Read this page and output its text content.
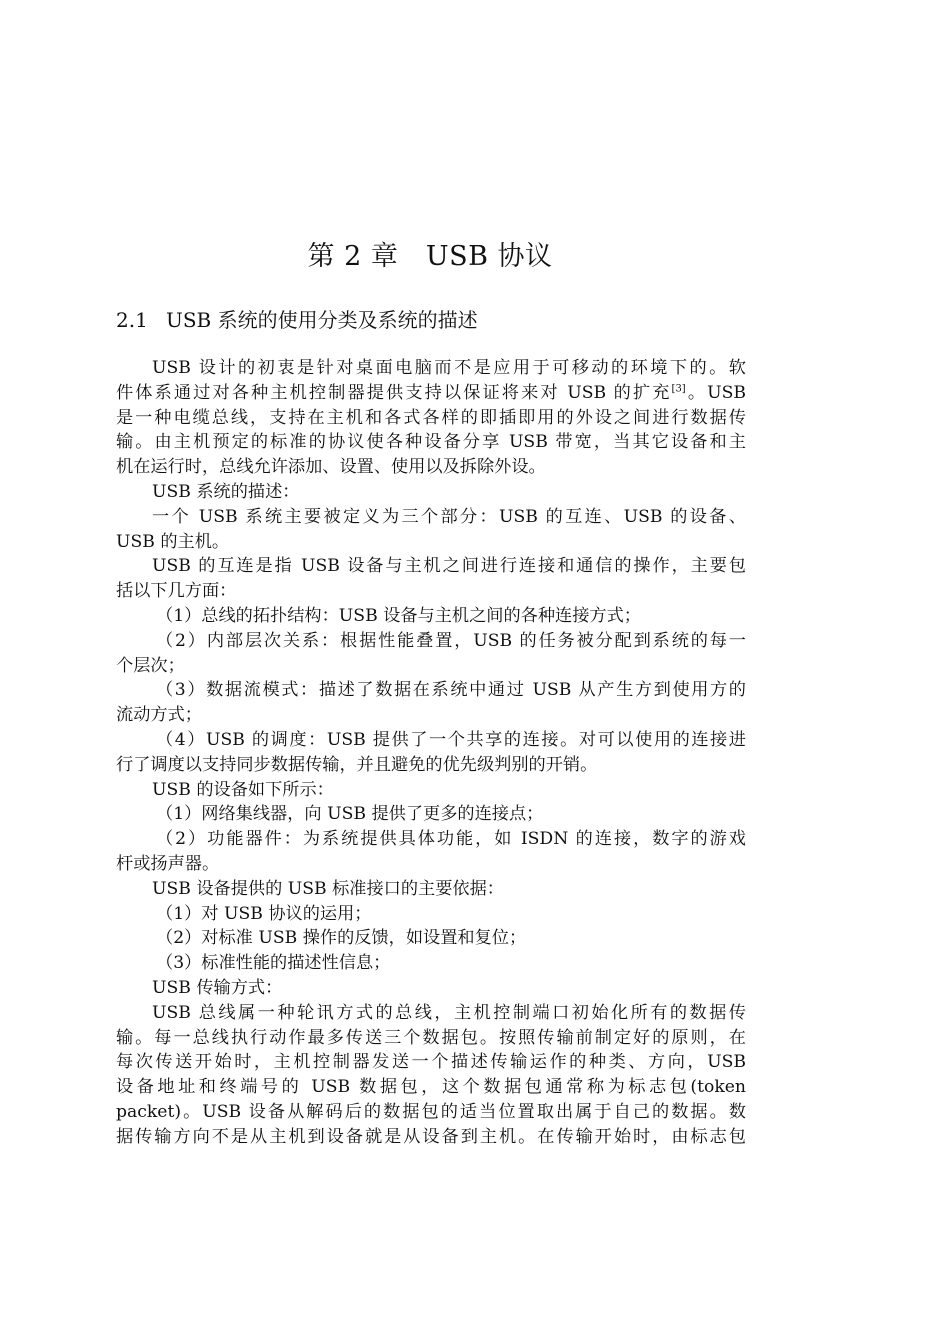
第 2 章　USB 协议
2.1 USB 系统的使用分类及系统的描述
USB 设计的初衷是针对桌面电脑而不是应用于可移动的环境下的。软
件体系通过对各种主机控制器提供支持以保证将来对 USB 的扩充[3]。USB
是一种电缆总线，支持在主机和各式各样的即插即用的外设之间进行数据传
输。由主机预定的标准的协议使各种设备分享 USB 带宽，当其它设备和主
机在运行时，总线允许添加、设置、使用以及拆除外设。
USB 系统的描述：
一个 USB 系统主要被定义为三个部分：USB 的互连、USB 的设备、
USB 的主机。
USB 的互连是指 USB 设备与主机之间进行连接和通信的操作，主要包
括以下几方面：
（1）总线的拓扑结构：USB 设备与主机之间的各种连接方式；
（2）内部层次关系：根据性能叠置，USB 的任务被分配到系统的每一
个层次；
（3）数据流模式：描述了数据在系统中通过 USB 从产生方到使用方的
流动方式；
（4）USB 的调度：USB 提供了一个共享的连接。对可以使用的连接进
行了调度以支持同步数据传输，并且避免的优先级判别的开销。
USB 的设备如下所示：
（1）网络集线器，向 USB 提供了更多的连接点；
（2）功能器件：为系统提供具体功能，如 ISDN 的连接，数字的游戏
杆或扬声器。
USB 设备提供的 USB 标准接口的主要依据：
（1）对 USB 协议的运用；
（2）对标准 USB 操作的反馈，如设置和复位；
（3）标准性能的描述性信息；
USB 传输方式：
USB 总线属一种轮讯方式的总线，主机控制端口初始化所有的数据传
输。每一总线执行动作最多传送三个数据包。按照传输前制定好的原则，在
每次传送开始时，主机控制器发送一个描述传输运作的种类、方向，USB
设备地址和终端号的 USB 数据包，这个数据包通常称为标志包(token
packet)。USB 设备从解码后的数据包的适当位置取出属于自己的数据。数
据传输方向不是从主机到设备就是从设备到主机。在传输开始时，由标志包
